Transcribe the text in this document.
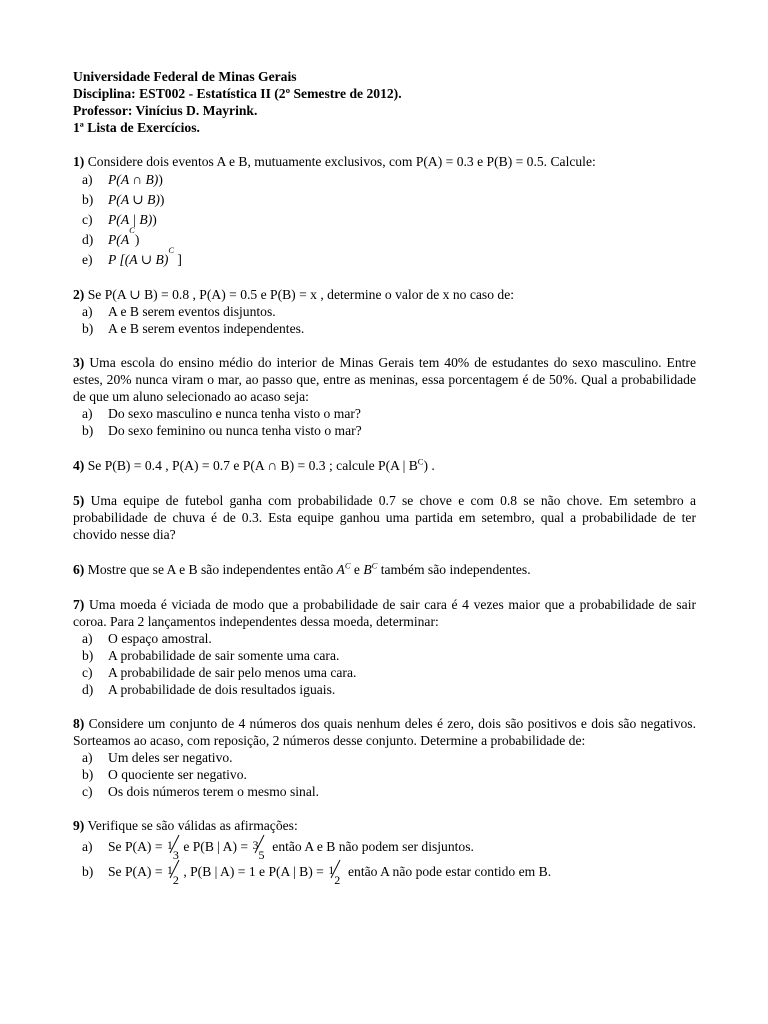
Universidade Federal de Minas Gerais
Disciplina: EST002 - Estatística II (2º Semestre de 2012).
Professor: Vinícius D. Mayrink.
1ª Lista de Exercícios.

1) Considere dois eventos A e B, mutuamente exclusivos, com P(A) = 0.3 e P(B) = 0.5. Calcule:

a)	P(A ∩ B) )
b)	P(A ∪ B) )
c)	P(A | B) )
d)	P(A
C
)
e)	P [(A ∪ B)
C
]

2) Se P(A ∪ B) = 0.8 , P(A) = 0.5 e P(B) = x , determine o valor de x no caso de:

a)	A e B serem eventos disjuntos.
b)	A e B serem eventos independentes.

3) Uma escola do ensino médio do interior de Minas Gerais tem 40% de estudantes do sexo masculino. Entre estes, 20% nunca viram o mar, ao passo que, entre as meninas, essa porcentagem é de 50%. Qual a probabilidade de que um aluno selecionado ao acaso seja:

a)	Do sexo masculino e nunca tenha visto o mar?
b)	Do sexo feminino ou nunca tenha visto o mar?

4) Se P(B) = 0.4 , P(A) = 0.7 e P(A ∩ B) = 0.3 ; calcule P(A | $B^C$) .

5) Uma equipe de futebol ganha com probabilidade 0.7 se chove e com 0.8 se não chove. Em setembro a probabilidade de chuva é de 0.3. Esta equipe ganhou uma partida em setembro, qual a probabilidade de ter chovido nesse dia?

6) Mostre que se A e B são independentes então $A^C$ e $B^C$ também são independentes.

7) Uma moeda é viciada de modo que a probabilidade de sair cara é 4 vezes maior que a probabilidade de sair coroa. Para 2 lançamentos independentes dessa moeda, determinar:

a)	O espaço amostral.
b)	A probabilidade de sair somente uma cara.
c)	A probabilidade de sair pelo menos uma cara.
d)	A probabilidade de dois resultados iguais.

8) Considere um conjunto de 4 números dos quais nenhum deles é zero, dois são positivos e dois são negativos. Sorteamos ao acaso, com reposição, 2 números desse conjunto. Determine a probabilidade de:

a)	Um deles ser negativo.
b)	O quociente ser negativo.
c)	Os dois números terem o mesmo sinal.

9) Verifique se são válidas as afirmações:

a)	Se P(A) = 1
3
e P(B | A) = 3
5
então A e B não podem ser disjuntos.
b)	Se P(A) = 1
2
, P(B | A) = 1 e P(A | B) = 1
2
então A não pode estar contido em B.
